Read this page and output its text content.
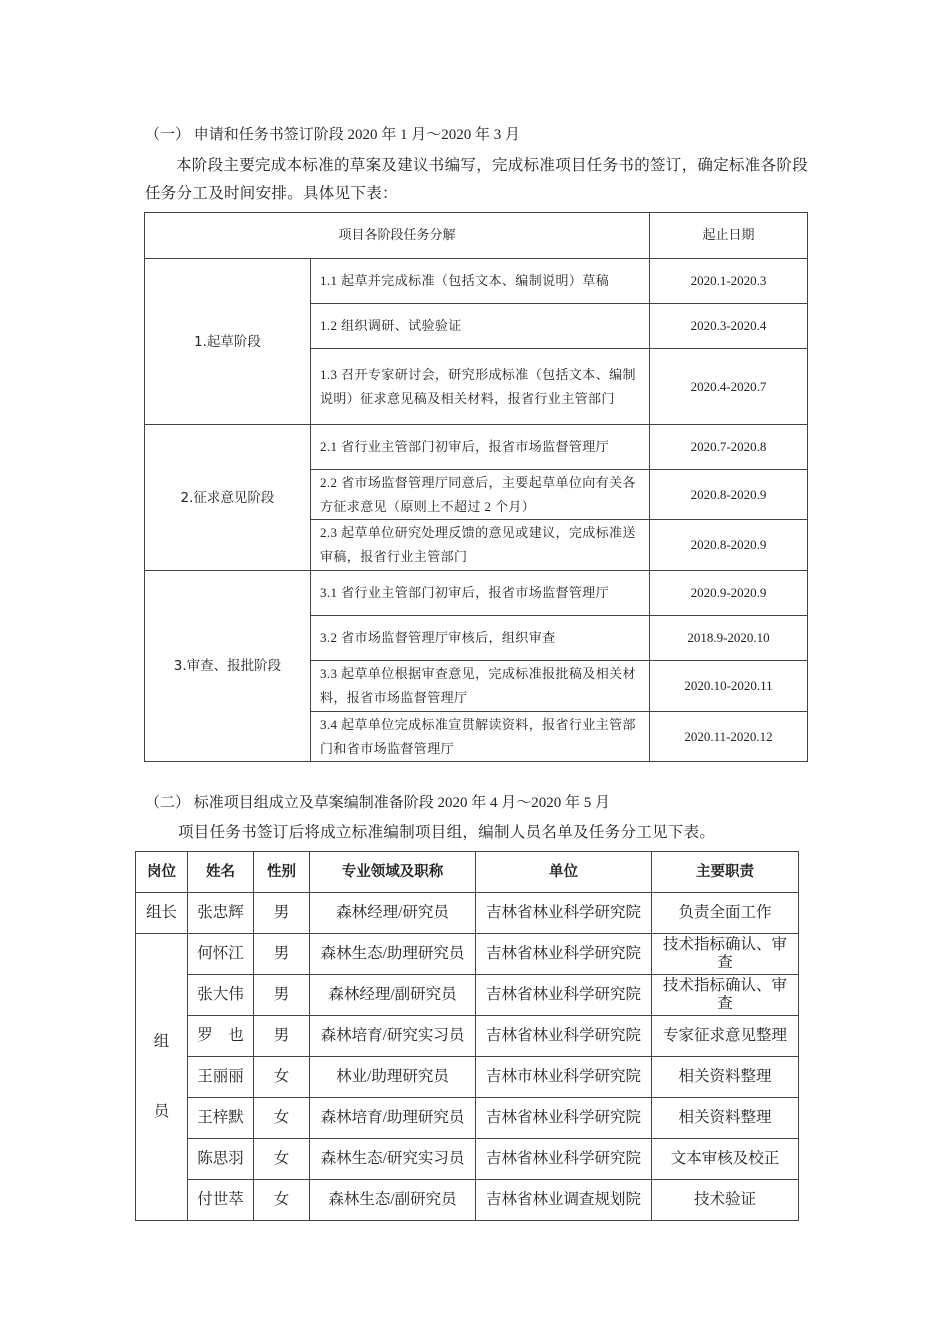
（一） 申请和任务书签订阶段 2020 年 1 月～2020 年 3 月
本阶段主要完成本标准的草案及建议书编写，完成标准项目任务书的签订，确定标准各阶段任务分工及时间安排。具体见下表：
项目各阶段任务分解		起止日期
1.起草阶段	1.1 起草并完成标准（包括文本、编制说明）草稿	2020.1-2020.3
	1.2 组织调研、试验验证	2020.3-2020.4
	1.3 召开专家研讨会，研究形成标准（包括文本、编制说明）征求意见稿及相关材料，报省行业主管部门	2020.4-2020.7
2.征求意见阶段	2.1 省行业主管部门初审后，报省市场监督管理厅	2020.7-2020.8
	2.2 省市场监督管理厅同意后，主要起草单位向有关各方征求意见（原则上不超过 2 个月）	2020.8-2020.9
	2.3 起草单位研究处理反馈的意见或建议，完成标准送审稿，报省行业主管部门	2020.8-2020.9
3.审查、报批阶段	3.1 省行业主管部门初审后，报省市场监督管理厅	2020.9-2020.9
	3.2 省市场监督管理厅审核后，组织审查	2018.9-2020.10
	3.3 起草单位根据审查意见，完成标准报批稿及相关材料，报省市场监督管理厅	2020.10-2020.11
	3.4 起草单位完成标准宣贯解读资料，报省行业主管部门和省市场监督管理厅	2020.11-2020.12
（二） 标准项目组成立及草案编制准备阶段 2020 年 4 月～2020 年 5 月
项目任务书签订后将成立标准编制项目组，编制人员名单及任务分工见下表。
岗位	姓名	性别	专业领域及职称	单位	主要职责
组长	张忠辉	男	森林经理/研究员	吉林省林业科学研究院	负责全面工作

组
员	何怀江	男	森林生态/助理研究员	吉林省林业科学研究院	技术指标确认、审查
	张大伟	男	森林经理/副研究员	吉林省林业科学研究院	技术指标确认、审查
	罗　也	男	森林培育/研究实习员	吉林省林业科学研究院	专家征求意见整理
	王丽丽	女	林业/助理研究员	吉林市林业科学研究院	相关资料整理
	王梓默	女	森林培育/助理研究员	吉林省林业科学研究院	相关资料整理
	陈思羽	女	森林生态/研究实习员	吉林省林业科学研究院	文本审核及校正
	付世萃	女	森林生态/副研究员	吉林省林业调查规划院	技术验证
